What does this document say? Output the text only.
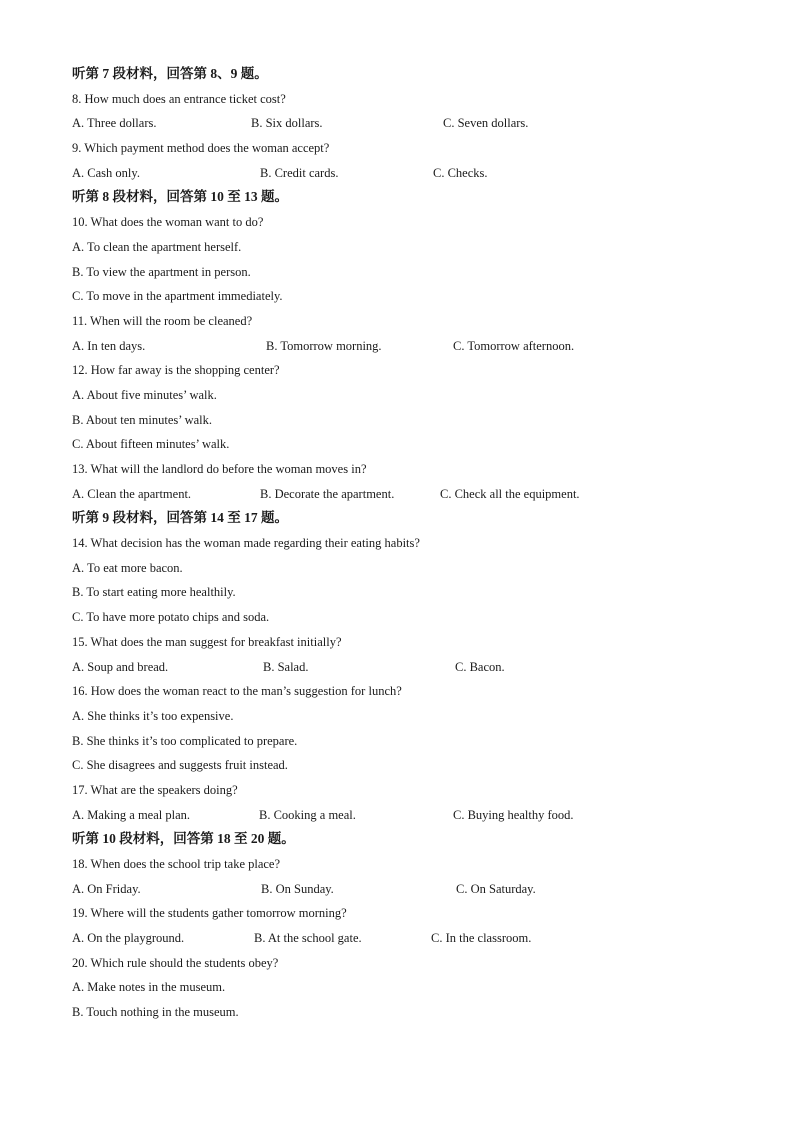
听第 7 段材料，回答第 8、9 题。
8. How much does an entrance ticket cost?
A. Three dollars.	B. Six dollars.	C. Seven dollars.
9. Which payment method does the woman accept?
A. Cash only.	B. Credit cards.	C. Checks.
听第 8 段材料，回答第 10 至 13 题。
10. What does the woman want to do?
A. To clean the apartment herself.
B. To view the apartment in person.
C. To move in the apartment immediately.
11. When will the room be cleaned?
A. In ten days.	B. Tomorrow morning.	C. Tomorrow afternoon.
12. How far away is the shopping center?
A. About five minutes’ walk.
B. About ten minutes’ walk.
C. About fifteen minutes’ walk.
13. What will the landlord do before the woman moves in?
A. Clean the apartment.	B. Decorate the apartment.	C. Check all the equipment.
听第 9 段材料，回答第 14 至 17 题。
14. What decision has the woman made regarding their eating habits?
A. To eat more bacon.
B. To start eating more healthily.
C. To have more potato chips and soda.
15. What does the man suggest for breakfast initially?
A. Soup and bread.	B. Salad.	C. Bacon.
16. How does the woman react to the man’s suggestion for lunch?
A. She thinks it’s too expensive.
B. She thinks it’s too complicated to prepare.
C. She disagrees and suggests fruit instead.
17. What are the speakers doing?
A. Making a meal plan.	B. Cooking a meal.	C. Buying healthy food.
听第 10 段材料，回答第 18 至 20 题。
18. When does the school trip take place?
A. On Friday.	B. On Sunday.	C. On Saturday.
19. Where will the students gather tomorrow morning?
A. On the playground.	B. At the school gate.	C. In the classroom.
20. Which rule should the students obey?
A. Make notes in the museum.
B. Touch nothing in the museum.
